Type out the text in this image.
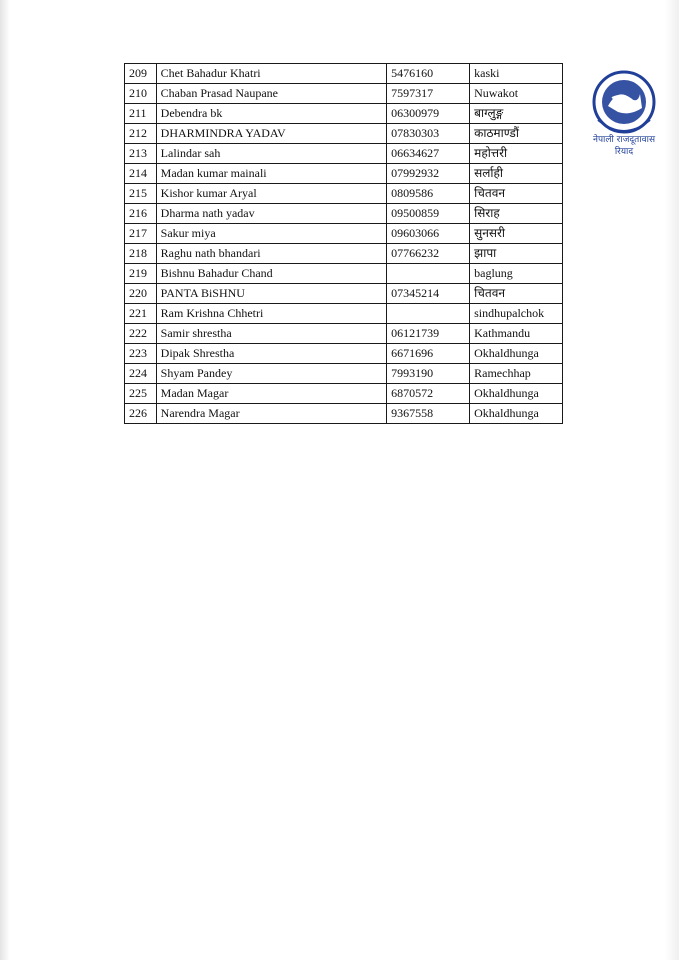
209	Chet Bahadur Khatri	5476160	kaski
210	Chaban Prasad Naupane	7597317	Nuwakot
211	Debendra bk	06300979	बाग्लुङ्ग
212	DHARMINDRA YADAV	07830303	काठमाण्डौं
213	Lalindar sah	06634627	महोत्तरी
214	Madan kumar mainali	07992932	सर्लाही
215	Kishor kumar Aryal	0809586	चितवन
216	Dharma nath yadav	09500859	सिराह
217	Sakur miya	09603066	सुनसरी
218	Raghu nath bhandari	07766232	झापा
219	Bishnu Bahadur Chand		baglung
220	PANTA BiSHNU	07345214	चितवन
221	Ram Krishna Chhetri		sindhupalchok
222	Samir shrestha	06121739	Kathmandu
223	Dipak Shrestha	6671696	Okhaldhunga
224	Shyam Pandey	7993190	Ramechhap
225	Madan Magar	6870572	Okhaldhunga
226	Narendra Magar	9367558	Okhaldhunga
नेपाली राजदूतावास
रियाद
